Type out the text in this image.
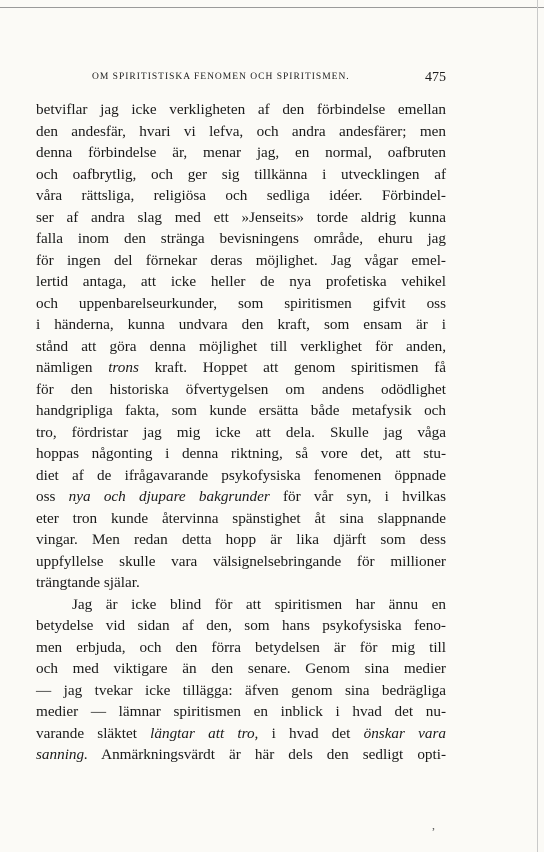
OM SPIRITISTISKA FENOMEN OCH SPIRITISMEN.	475
betviflar jag icke verkligheten af den förbindelse emellan
den andesfär, hvari vi lefva, och andra andesfärer; men
denna förbindelse är, menar jag, en normal, oafbruten
och oafbrytlig, och ger sig tillkänna i utvecklingen af
våra rättsliga, religiösa och sedliga idéer. Förbindel-
ser af andra slag med ett »Jenseits» torde aldrig kunna
falla inom den stränga bevisningens område, ehuru jag
för ingen del förnekar deras möjlighet. Jag vågar emel-
lertid antaga, att icke heller de nya profetiska vehikel
och uppenbarelseurkunder, som spiritismen gifvit oss
i händerna, kunna undvara den kraft, som ensam är i
stånd att göra denna möjlighet till verklighet för anden,
nämligen trons kraft. Hoppet att genom spiritismen få
för den historiska öfvertygelsen om andens odödlighet
handgripliga fakta, som kunde ersätta både metafysik och
tro, fördristar jag mig icke att dela. Skulle jag våga
hoppas någonting i denna riktning, så vore det, att stu-
diet af de ifrågavarande psykofysiska fenomenen öppnade
oss nya och djupare bakgrunder för vår syn, i hvilkas
eter tron kunde återvinna spänstighet åt sina slappnande
vingar. Men redan detta hopp är lika djärft som dess
uppfyllelse skulle vara välsignelsebringande för millioner
trängtande själar.
Jag är icke blind för att spiritismen har ännu en
betydelse vid sidan af den, som hans psykofysiska feno-
men erbjuda, och den förra betydelsen är för mig till
och med viktigare än den senare. Genom sina medier
— jag tvekar icke tillägga: äfven genom sina bedrägliga
medier — lämnar spiritismen en inblick i hvad det nu-
varande släktet längtar att tro, i hvad det önskar vara
sanning. Anmärkningsvärdt är här dels den sedligt opti-
,
